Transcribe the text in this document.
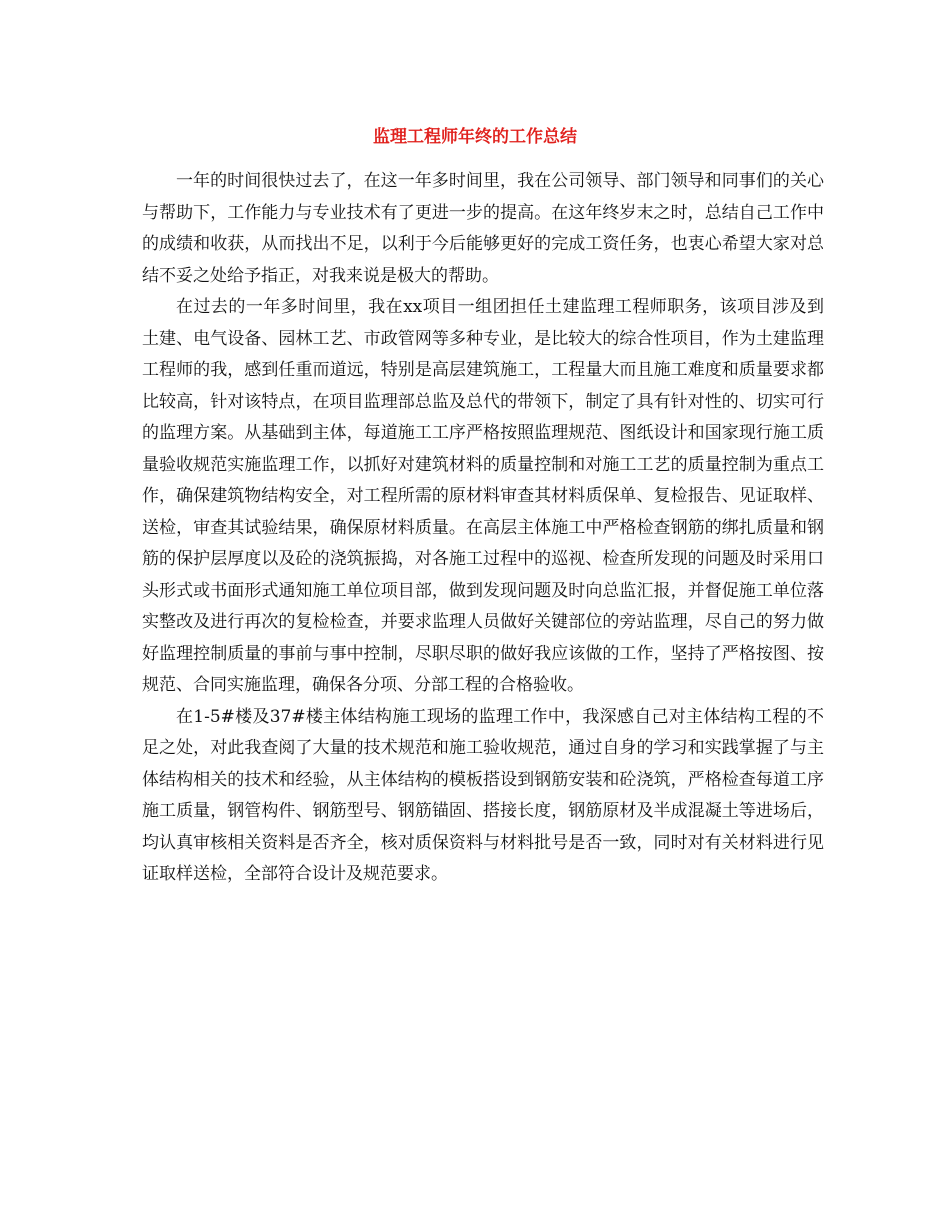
监理工程师年终的工作总结

一年的时间很快过去了，在这一年多时间里，我在公司领导、部门领导和同事们的关心与帮助下，工作能力与专业技术有了更进一步的提高。在这年终岁末之时，总结自己工作中的成绩和收获，从而找出不足，以利于今后能够更好的完成工资任务，也衷心希望大家对总结不妥之处给予指正，对我来说是极大的帮助。

在过去的一年多时间里，我在xx项目一组团担任土建监理工程师职务，该项目涉及到土建、电气设备、园林工艺、市政管网等多种专业，是比较大的综合性项目，作为土建监理工程师的我，感到任重而道远，特别是高层建筑施工，工程量大而且施工难度和质量要求都比较高，针对该特点，在项目监理部总监及总代的带领下，制定了具有针对性的、切实可行的监理方案。从基础到主体，每道施工工序严格按照监理规范、图纸设计和国家现行施工质量验收规范实施监理工作，以抓好对建筑材料的质量控制和对施工工艺的质量控制为重点工作，确保建筑物结构安全，对工程所需的原材料审查其材料质保单、复检报告、见证取样、送检，审查其试验结果，确保原材料质量。在高层主体施工中严格检查钢筋的绑扎质量和钢筋的保护层厚度以及砼的浇筑振捣，对各施工过程中的巡视、检查所发现的问题及时采用口头形式或书面形式通知施工单位项目部，做到发现问题及时向总监汇报，并督促施工单位落实整改及进行再次的复检检查，并要求监理人员做好关键部位的旁站监理，尽自己的努力做好监理控制质量的事前与事中控制，尽职尽职的做好我应该做的工作，坚持了严格按图、按规范、合同实施监理，确保各分项、分部工程的合格验收。

在1-5#楼及37#楼主体结构施工现场的监理工作中，我深感自己对主体结构工程的不足之处，对此我查阅了大量的技术规范和施工验收规范，通过自身的学习和实践掌握了与主体结构相关的技术和经验，从主体结构的模板搭设到钢筋安装和砼浇筑，严格检查每道工序施工质量，钢管构件、钢筋型号、钢筋锚固、搭接长度，钢筋原材及半成混凝土等进场后，均认真审核相关资料是否齐全，核对质保资料与材料批号是否一致，同时对有关材料进行见证取样送检，全部符合设计及规范要求。
